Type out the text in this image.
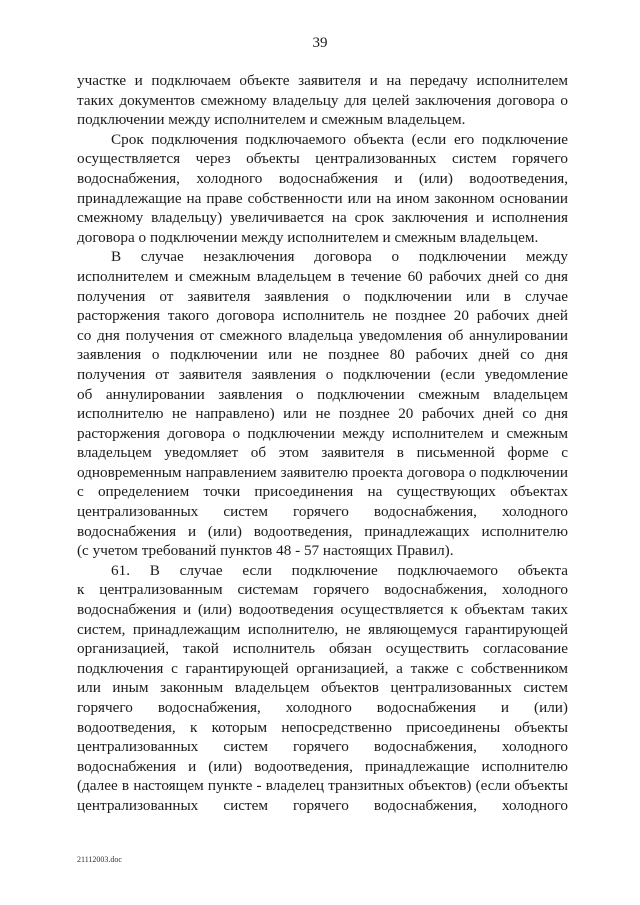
39
участке и подключаем объекте заявителя и на передачу исполнителем
таких документов смежному владельцу для целей заключения договора о
подключении между исполнителем и смежным владельцем.
Срок подключения подключаемого объекта (если его подключение
осуществляется через объекты централизованных систем горячего
водоснабжения, холодного водоснабжения и (или) водоотведения,
принадлежащие на праве собственности или на ином законном основании
смежному владельцу) увеличивается на срок заключения и исполнения
договора о подключении между исполнителем и смежным владельцем.
В случае незаключения договора о подключении между
исполнителем и смежным владельцем в течение 60 рабочих дней со дня
получения от заявителя заявления о подключении или в случае
расторжения такого договора исполнитель не позднее 20 рабочих дней
со дня получения от смежного владельца уведомления об аннулировании
заявления о подключении или не позднее 80 рабочих дней со дня
получения от заявителя заявления о подключении (если уведомление
об аннулировании заявления о подключении смежным владельцем
исполнителю не направлено) или не позднее 20 рабочих дней со дня
расторжения договора о подключении между исполнителем и смежным
владельцем уведомляет об этом заявителя в письменной форме с
одновременным направлением заявителю проекта договора о подключении
с определением точки присоединения на существующих объектах
централизованных систем горячего водоснабжения, холодного
водоснабжения и (или) водоотведения, принадлежащих исполнителю
(с учетом требований пунктов 48 - 57 настоящих Правил).
61. В случае если подключение подключаемого объекта
к централизованным системам горячего водоснабжения, холодного
водоснабжения и (или) водоотведения осуществляется к объектам таких
систем, принадлежащим исполнителю, не являющемуся гарантирующей
организацией, такой исполнитель обязан осуществить согласование
подключения с гарантирующей организацией, а также с собственником
или иным законным владельцем объектов централизованных систем
горячего водоснабжения, холодного водоснабжения и (или)
водоотведения, к которым непосредственно присоединены объекты
централизованных систем горячего водоснабжения, холодного
водоснабжения и (или) водоотведения, принадлежащие исполнителю
(далее в настоящем пункте - владелец транзитных объектов) (если объекты
централизованных систем горячего водоснабжения, холодного
21112003.doc
